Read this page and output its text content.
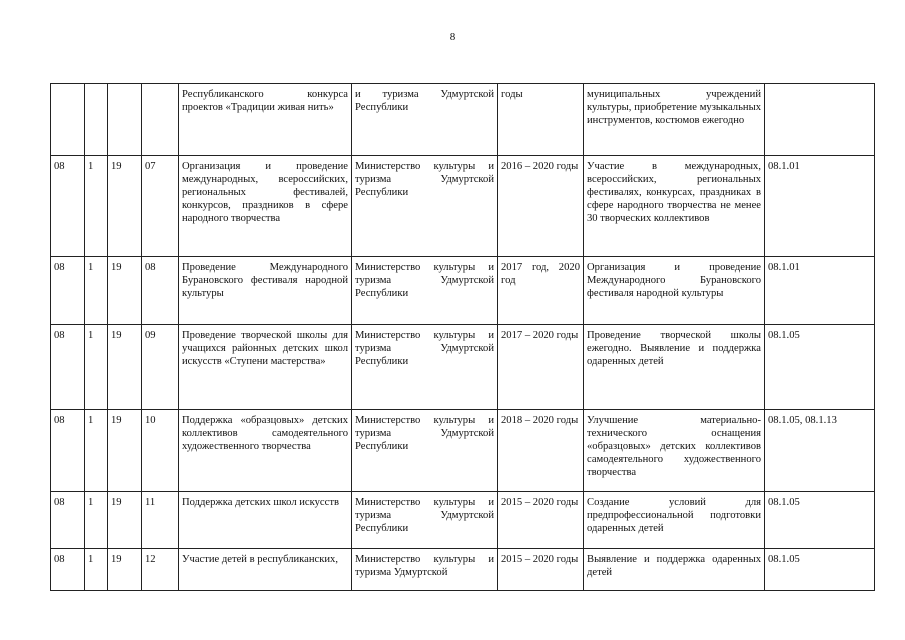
8
				Республиканского конкурса проектов «Традиции живая нить»	и туризма Удмуртской Республики	годы	муниципальных учреждений культуры, приобретение музыкальных инструментов, костюмов ежегодно	
08	1	19	07	Организация и проведение международных, всероссийских, региональных фестивалей, конкурсов, праздников в сфере народного творчества	Министерство культуры и туризма Удмуртской Республики	2016 – 2020 годы	Участие в международных, всероссийских, региональных фестивалях, конкурсах, праздниках в сфере народного творчества не менее 30 творческих коллективов	08.1.01
08	1	19	08	Проведение Международного Бурановского фестиваля народной культуры	Министерство культуры и туризма Удмуртской Республики	2017 год, 2020 год	Организация и проведение Международного Бурановского фестиваля народной культуры	08.1.01
08	1	19	09	Проведение творческой школы для учащихся районных детских школ искусств «Ступени мастерства»	Министерство культуры и туризма Удмуртской Республики	2017 – 2020 годы	Проведение творческой школы ежегодно. Выявление и поддержка одаренных детей	08.1.05
08	1	19	10	Поддержка «образцовых» детских коллективов самодеятельного художественного творчества	Министерство культуры и туризма Удмуртской Республики	2018 – 2020 годы	Улучшение материально-технического оснащения «образцовых» детских коллективов самодеятельного художественного творчества	08.1.05, 08.1.13
08	1	19	11	Поддержка детских школ искусств	Министерство культуры и туризма Удмуртской Республики	2015 – 2020 годы	Создание условий для предпрофессиональной подготовки одаренных детей	08.1.05
08	1	19	12	Участие детей в республиканских,	Министерство культуры и туризма Удмуртской	2015 – 2020 годы	Выявление и поддержка одаренных детей	08.1.05
